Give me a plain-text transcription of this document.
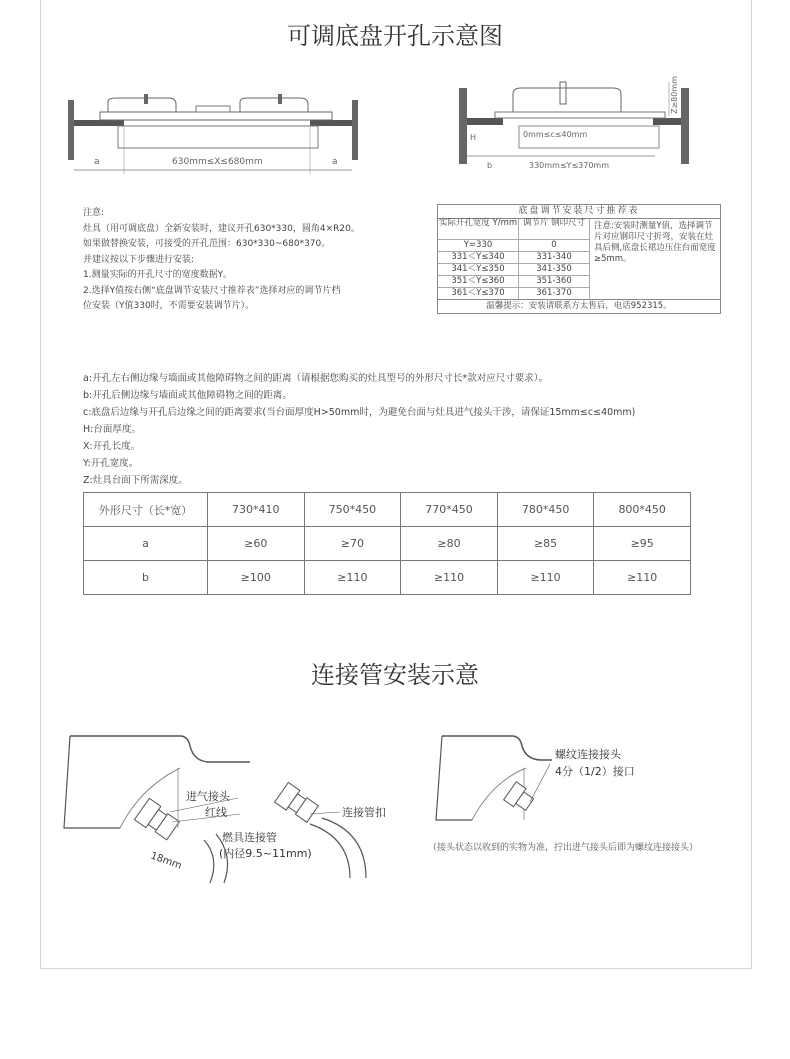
可调底盘开孔示意图
a	630mm≤X≤680mm	a
Z≥80mm
H	0mm≤c≤40mm
b	330mm≤Y≤370mm
注意:
灶具（用可调底盘）全新安装时，建议开孔630*330，圆角4×R20。
如果做替换安装，可接受的开孔范围：630*330~680*370。
并建议按以下步骤进行安装:
1.测量实际的开孔尺寸的宽度数据Y。
2.选择Y值按右侧“底盘调节安装尺寸推荐表”选择对应的调节片档
位安装（Y值330时，不需要安装调节片）。
底盘调节安装尺寸推荐表
实际开孔宽度 Y/mm 调节片 钢印尺寸
Y=330	0
331＜Y≤340	331-340
341＜Y≤350	341-350
351＜Y≤360	351-360
361＜Y≤370	361-370
注意:安装时测量Y值，选择调节片对应钢印尺寸折弯，安装在灶具后侧,底盘长裙边压住台面宽度≥5mm。
温馨提示：安装请联系方太售后，电话952315。
a:开孔左右侧边缘与墙面或其他障碍物之间的距离（请根据您购买的灶具型号的外形尺寸长*款对应尺寸要求）。
b:开孔后侧边缘与墙面或其他障碍物之间的距离。
c:底盘后边缘与开孔后边缘之间的距离要求(当台面厚度H>50mm时，为避免台面与灶具进气接头干涉，请保证15mm≤c≤40mm)
H:台面厚度。
X:开孔长度。
Y:开孔宽度。
Z:灶具台面下所需深度。
外形尺寸（长*宽）	730*410	750*450	770*450	780*450	800*450
a	≥60	≥70	≥80	≥85	≥95
b	≥100	≥110	≥110	≥110	≥110
连接管安装示意
18mm
进气接头
红线	连接管扣
燃具连接管
(内径9.5~11mm)
螺纹连接接头
4分（1/2）接口
（接头状态以收到的实物为准，拧出进气接头后即为螺纹连接接头）
